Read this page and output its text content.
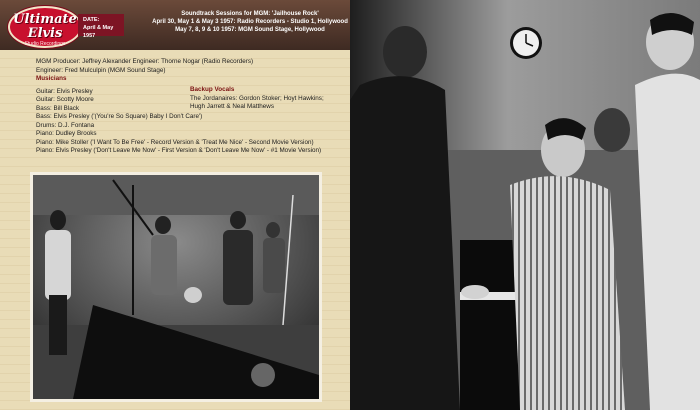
Ultimate
Elvis
Studio Recordings
DATE:
April & May 1957
Soundtrack Sessions for MGM: 'Jailhouse Rock'
April 30, May 1 & May 3 1957: Radio Recorders - Studio 1, Hollywood
May 7, 8, 9 & 10 1957: MGM Sound Stage, Hollywood
MGM Producer: Jeffrey Alexander Engineer: Thorne Nogar (Radio Recorders)
Engineer: Fred Mulculpin (MGM Sound Stage)
Musicians
Guitar: Elvis Presley
Guitar: Scotty Moore
Bass: Bill Black
Bass: Elvis Presley ('(You're So Square) Baby I Don't Care')
Drums: D.J. Fontana
Piano: Dudley Brooks
Piano: Mike Stoller ('I Want To Be Free' - Record Version & 'Treat Me Nice' - Second Movie Version)
Piano: Elvis Presley ('Don't Leave Me Now' - First Version & 'Don't Leave Me Now' - #1 Movie Version)
Backup Vocals
The Jordanaires: Gordon Stoker; Hoyt Hawkins;
Hugh Jarrett & Neal Matthews
